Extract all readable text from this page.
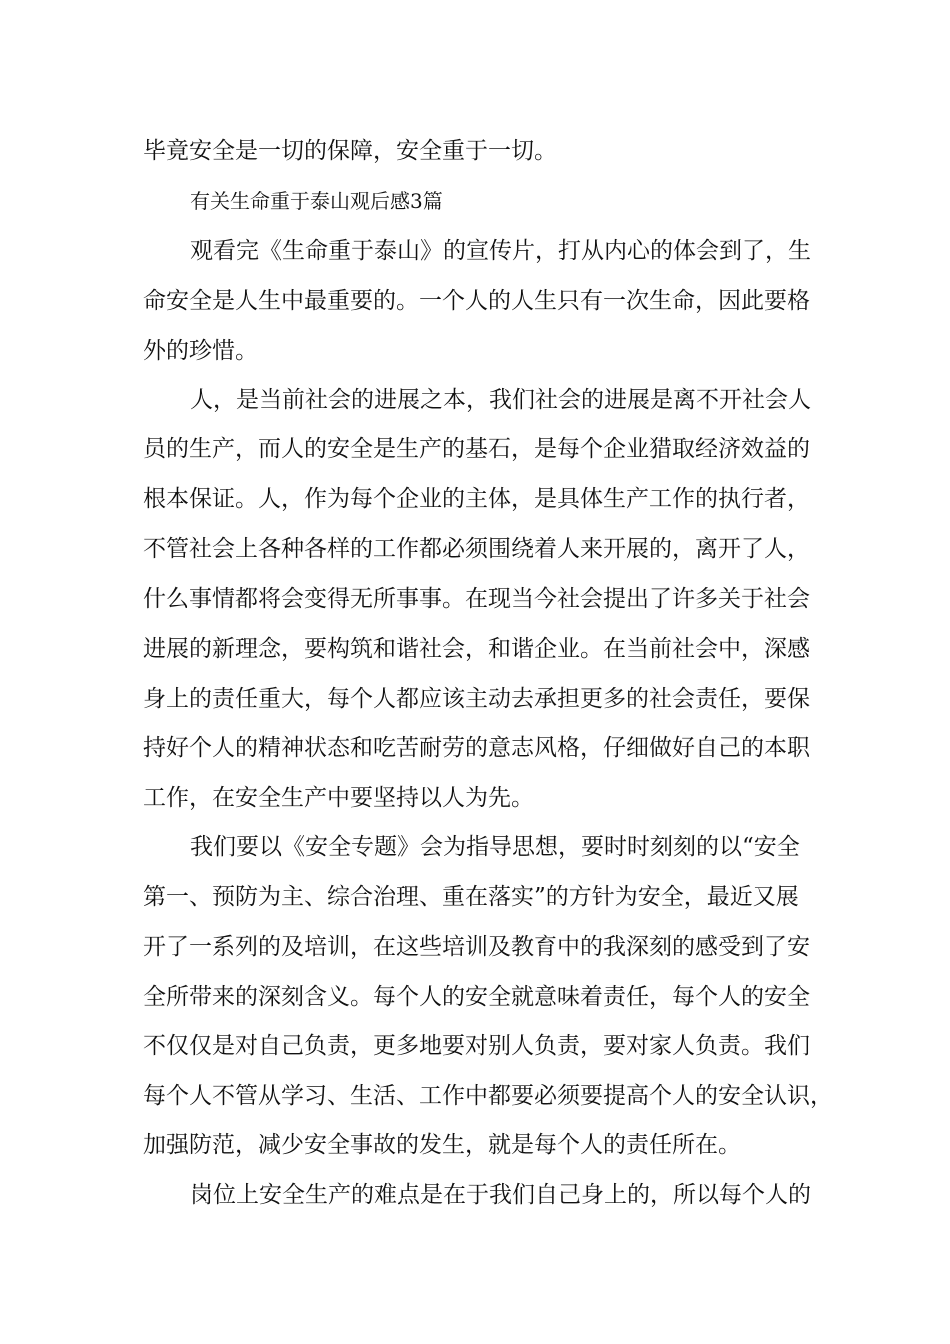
毕竟安全是一切的保障，安全重于一切。
有关生命重于泰山观后感3篇
观看完《生命重于泰山》的宣传片，打从内心的体会到了，生
命安全是人生中最重要的。一个人的人生只有一次生命，因此要格
外的珍惜。
人，是当前社会的进展之本，我们社会的进展是离不开社会人
员的生产，而人的安全是生产的基石，是每个企业猎取经济效益的
根本保证。人，作为每个企业的主体，是具体生产工作的执行者，
不管社会上各种各样的工作都必须围绕着人来开展的，离开了人，
什么事情都将会变得无所事事。在现当今社会提出了许多关于社会
进展的新理念，要构筑和谐社会，和谐企业。在当前社会中，深感
身上的责任重大，每个人都应该主动去承担更多的社会责任，要保
持好个人的精神状态和吃苦耐劳的意志风格，仔细做好自己的本职
工作，在安全生产中要坚持以人为先。
我们要以《安全专题》会为指导思想，要时时刻刻的以“安全
第一、预防为主、综合治理、重在落实”的方针为安全，最近又展
开了一系列的及培训，在这些培训及教育中的我深刻的感受到了安
全所带来的深刻含义。每个人的安全就意味着责任，每个人的安全
不仅仅是对自己负责，更多地要对别人负责，要对家人负责。我们
每个人不管从学习、生活、工作中都要必须要提高个人的安全认识，
加强防范，减少安全事故的发生，就是每个人的责任所在。
岗位上安全生产的难点是在于我们自己身上的，所以每个人的
